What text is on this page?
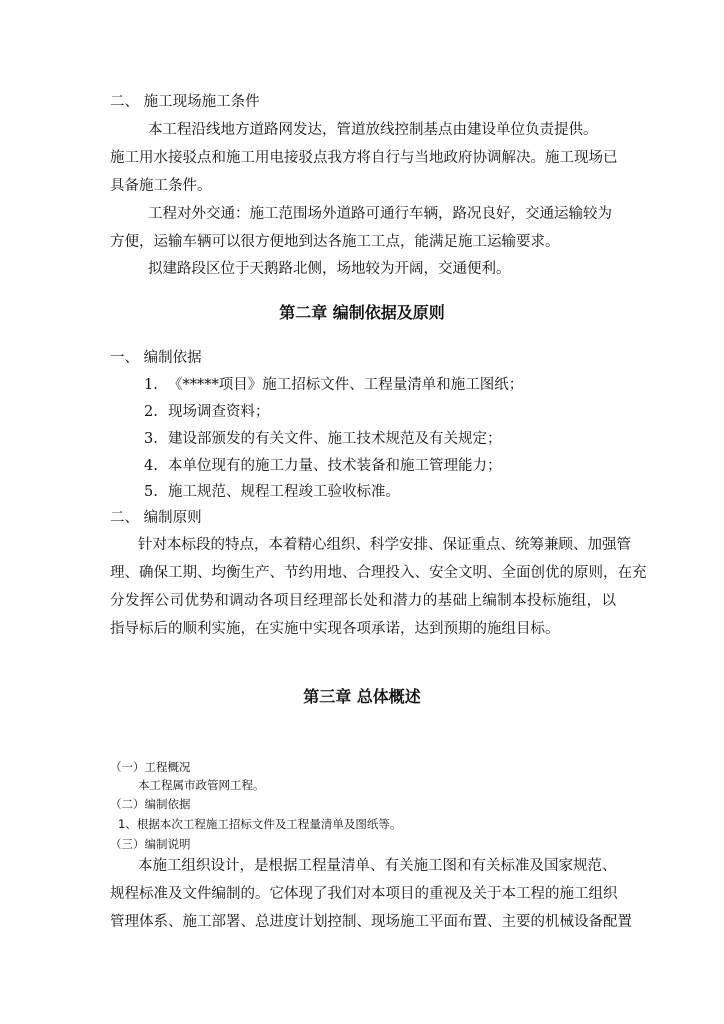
二、 施工现场施工条件
本工程沿线地方道路网发达，管道放线控制基点由建设单位负责提供。
施工用水接驳点和施工用电接驳点我方将自行与当地政府协调解决。施工现场已
具备施工条件。
工程对外交通：施工范围场外道路可通行车辆，路况良好，交通运输较为
方便，运输车辆可以很方便地到达各施工工点，能满足施工运输要求。
拟建路段区位于天鹅路北侧，场地较为开阔，交通便利。
第二章 编制依据及原则
一、 编制依据
1. 《*****项目》施工招标文件、工程量清单和施工图纸；
2. 现场调查资料；
3. 建设部颁发的有关文件、施工技术规范及有关规定；
4. 本单位现有的施工力量、技术装备和施工管理能力；
5. 施工规范、规程工程竣工验收标准。
二、 编制原则
针对本标段的特点，本着精心组织、科学安排、保证重点、统筹兼顾、加强管
理、确保工期、均衡生产、节约用地、合理投入、安全文明、全面创优的原则，在充
分发挥公司优势和调动各项目经理部长处和潜力的基础上编制本投标施组，以
指导标后的顺利实施，在实施中实现各项承诺，达到预期的施组目标。
第三章 总体概述
（一）工程概况
本工程属市政管网工程。
（二）编制依据
1、根据本次工程施工招标文件及工程量清单及图纸等。
（三）编制说明
本施工组织设计，是根据工程量清单、有关施工图和有关标准及国家规范、
规程标准及文件编制的。它体现了我们对本项目的重视及关于本工程的施工组织
管理体系、施工部署、总进度计划控制、现场施工平面布置、主要的机械设备配置
